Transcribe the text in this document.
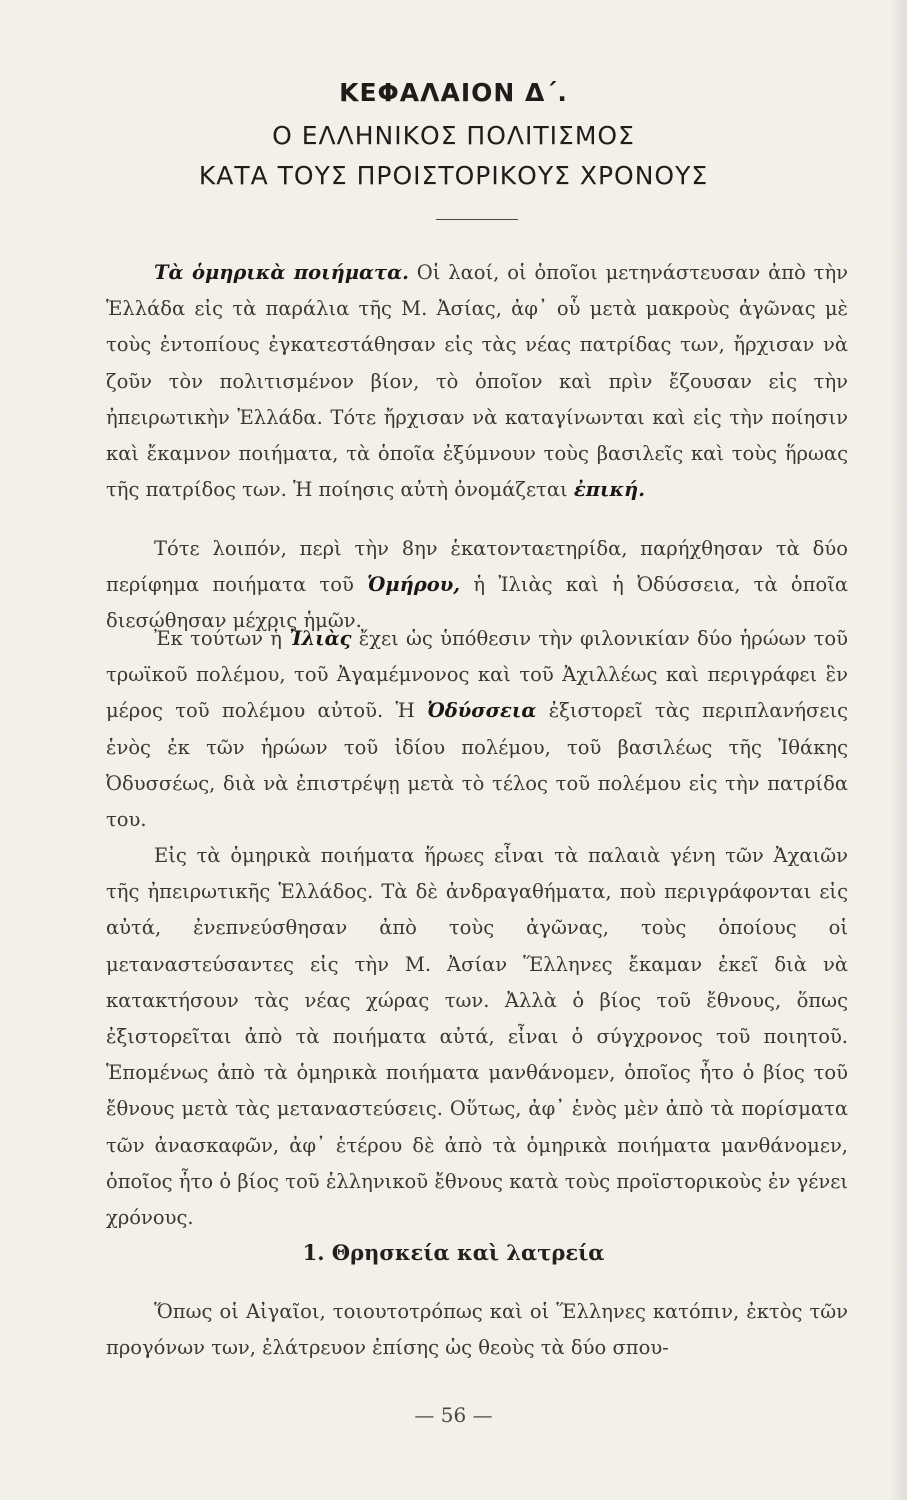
ΚΕΦΑΛΑΙΟΝ Δ΄.
Ο ΕΛΛΗΝΙΚΟΣ ΠΟΛΙΤΙΣΜΟΣ
ΚΑΤΑ ΤΟΥΣ ΠΡΟΙΣΤΟΡΙΚΟΥΣ ΧΡΟΝΟΥΣ
Τὰ ὁμηρικὰ ποιήματα. Οἱ λαοί, οἱ ὁποῖοι μετηνάστευσαν ἀπὸ τὴν Ἑλλάδα εἰς τὰ παράλια τῆς Μ. Ἀσίας, ἀφ᾽ οὗ μετὰ μακροὺς ἀγῶνας μὲ τοὺς ἐντοπίους ἐγκατεστάθησαν εἰς τὰς νέας πατρίδας των, ἤρχισαν νὰ ζοῦν τὸν πολιτισμένον βίον, τὸ ὁποῖον καὶ πρὶν ἔζουσαν εἰς τὴν ἠπειρωτικὴν Ἑλλάδα. Τότε ἤρχισαν νὰ καταγίνωνται καὶ εἰς τὴν ποίησιν καὶ ἔκαμνον ποιήματα, τὰ ὁποῖα ἐξύμνουν τοὺς βασιλεῖς καὶ τοὺς ἥρωας τῆς πατρίδος των. Ἡ ποίησις αὐτὴ ὀνομάζεται ἐπική.
Τότε λοιπόν, περὶ τὴν 8ην ἑκατονταετηρίδα, παρήχθησαν τὰ δύο περίφημα ποιήματα τοῦ Ὁμήρου, ἡ Ἰλιὰς καὶ ἡ Ὀδύσσεια, τὰ ὁποῖα διεσώθησαν μέχρις ἡμῶν.
Ἐκ τούτων ἡ Ἰλιὰς ἔχει ὡς ὑπόθεσιν τὴν φιλονικίαν δύο ἡρώων τοῦ τρωϊκοῦ πολέμου, τοῦ Ἀγαμέμνονος καὶ τοῦ Ἀχιλλέως καὶ περιγράφει ἓν μέρος τοῦ πολέμου αὐτοῦ. Ἡ Ὀδύσσεια ἐξιστορεῖ τὰς περιπλανήσεις ἑνὸς ἐκ τῶν ἡρώων τοῦ ἰδίου πολέμου, τοῦ βασιλέως τῆς Ἰθάκης Ὀδυσσέως, διὰ νὰ ἐπιστρέψῃ μετὰ τὸ τέλος τοῦ πολέμου εἰς τὴν πατρίδα του.
Εἰς τὰ ὁμηρικὰ ποιήματα ἥρωες εἶναι τὰ παλαιὰ γένη τῶν Ἀχαιῶν τῆς ἠπειρωτικῆς Ἑλλάδος. Τὰ δὲ ἀνδραγαθήματα, ποὺ περιγράφονται εἰς αὐτά, ἐνεπνεύσθησαν ἀπὸ τοὺς ἀγῶνας, τοὺς ὁποίους οἱ μεταναστεύσαντες εἰς τὴν Μ. Ἀσίαν Ἕλληνες ἔκαμαν ἐκεῖ διὰ νὰ κατακτήσουν τὰς νέας χώρας των. Ἀλλὰ ὁ βίος τοῦ ἔθνους, ὅπως ἐξιστορεῖται ἀπὸ τὰ ποιήματα αὐτά, εἶναι ὁ σύγχρονος τοῦ ποιητοῦ. Ἑπομένως ἀπὸ τὰ ὁμηρικὰ ποιήματα μανθάνομεν, ὁποῖος ἦτο ὁ βίος τοῦ ἔθνους μετὰ τὰς μεταναστεύσεις. Οὕτως, ἀφ᾽ ἑνὸς μὲν ἀπὸ τὰ πορίσματα τῶν ἀνασκαφῶν, ἀφ᾽ ἑτέρου δὲ ἀπὸ τὰ ὁμηρικὰ ποιήματα μανθάνομεν, ὁποῖος ἦτο ὁ βίος τοῦ ἑλληνικοῦ ἔθνους κατὰ τοὺς προϊστορικοὺς ἐν γένει χρόνους.
1. Θρησκεία καὶ λατρεία
Ὅπως οἱ Αἰγαῖοι, τοιουτοτρόπως καὶ οἱ Ἕλληνες κατόπιν, ἐκτὸς τῶν προγόνων των, ἐλάτρευον ἐπίσης ὡς θεοὺς τὰ δύο σπου-
— 56 —
